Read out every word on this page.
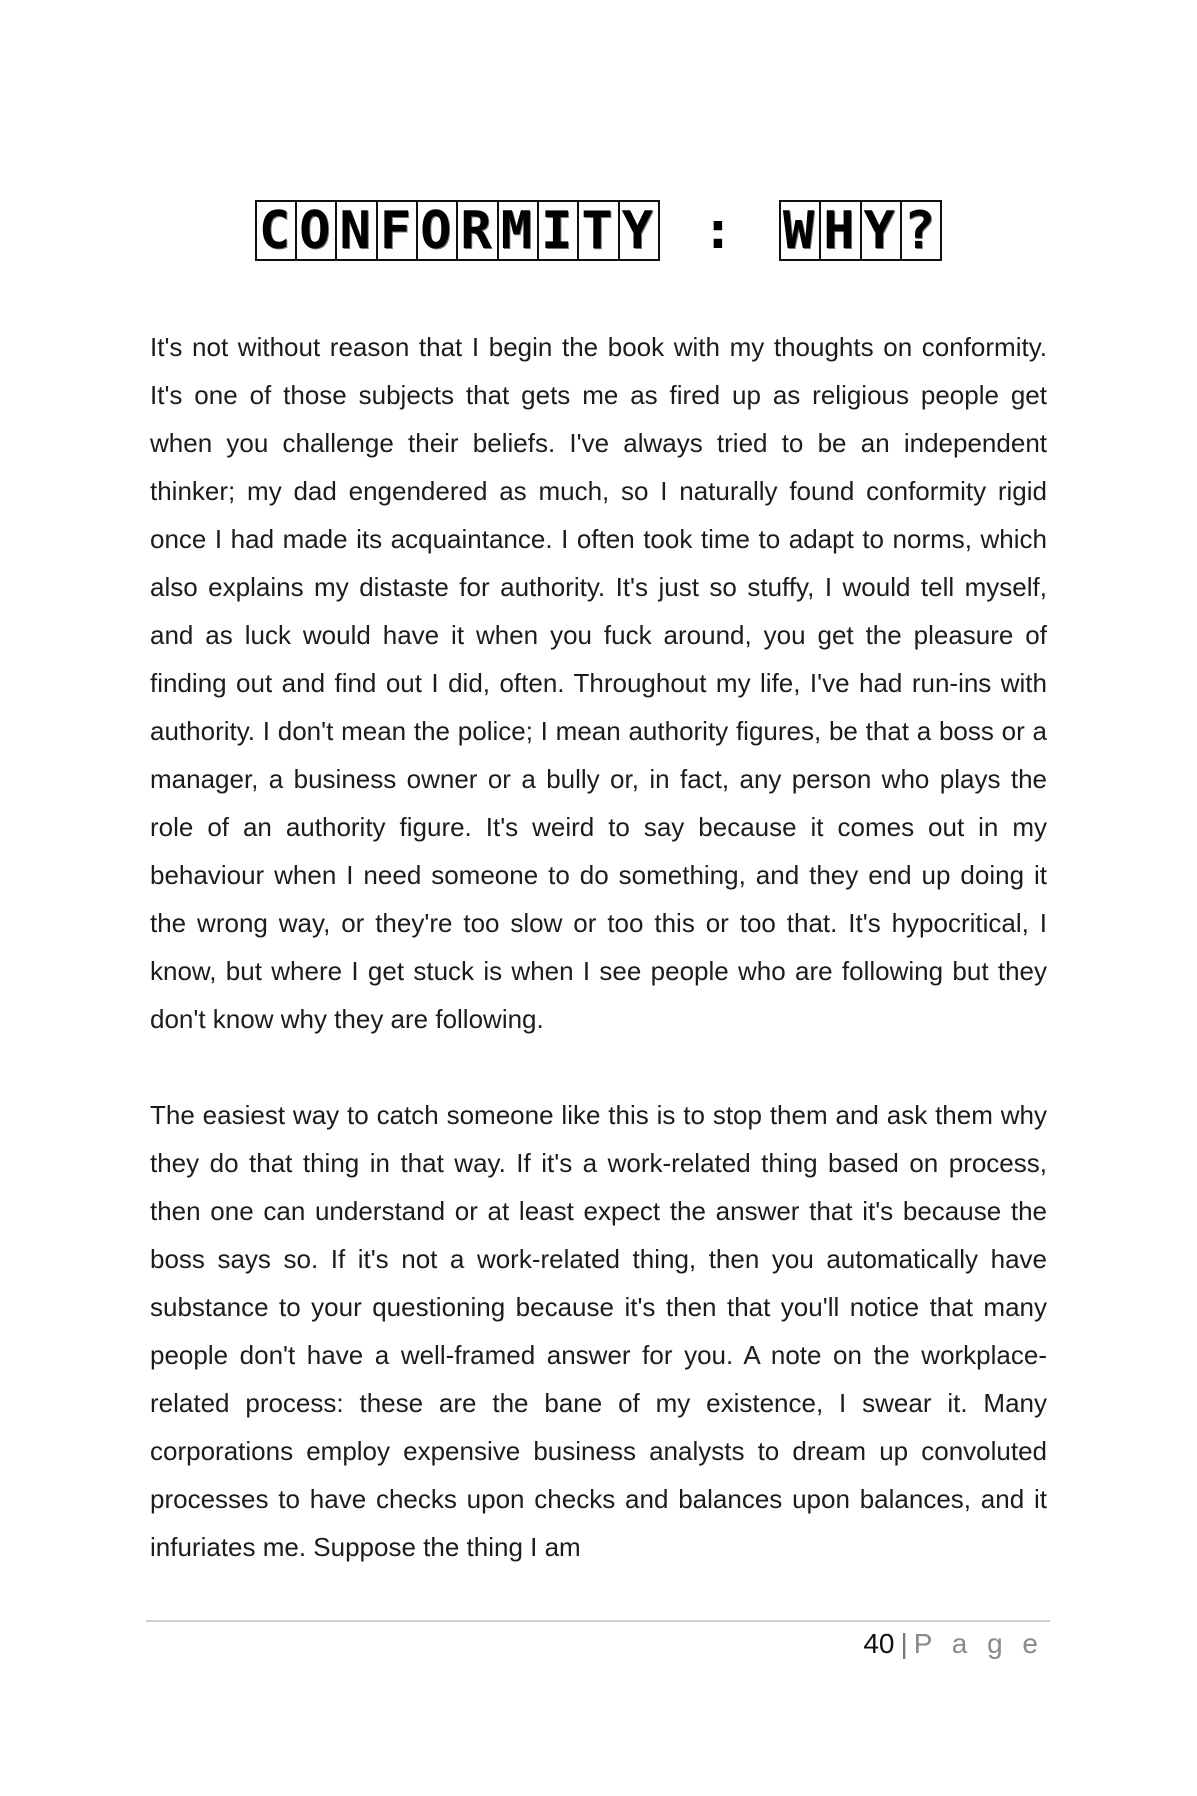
C O N F O R M I T Y : W H Y ?

It's not without reason that I begin the book with my thoughts on conformity. It's one of those subjects that gets me as fired up as religious people get when you challenge their beliefs. I've always tried to be an independent thinker; my dad engendered as much, so I naturally found conformity rigid once I had made its acquaintance. I often took time to adapt to norms, which also explains my distaste for authority. It's just so stuffy, I would tell myself, and as luck would have it when you fuck around, you get the pleasure of finding out and find out I did, often. Throughout my life, I've had run-ins with authority. I don't mean the police; I mean authority figures, be that a boss or a manager, a business owner or a bully or, in fact, any person who plays the role of an authority figure. It's weird to say because it comes out in my behaviour when I need someone to do something, and they end up doing it the wrong way, or they're too slow or too this or too that. It's hypocritical, I know, but where I get stuck is when I see people who are following but they don't know why they are following.

The easiest way to catch someone like this is to stop them and ask them why they do that thing in that way. If it's a work-related thing based on process, then one can understand or at least expect the answer that it's because the boss says so. If it's not a work-related thing, then you automatically have substance to your questioning because it's then that you'll notice that many people don't have a well-framed answer for you. A note on the workplace-related process: these are the bane of my existence, I swear it. Many corporations employ expensive business analysts to dream up convoluted processes to have checks upon checks and balances upon balances, and it infuriates me. Suppose the thing I am

40 | P a g e
